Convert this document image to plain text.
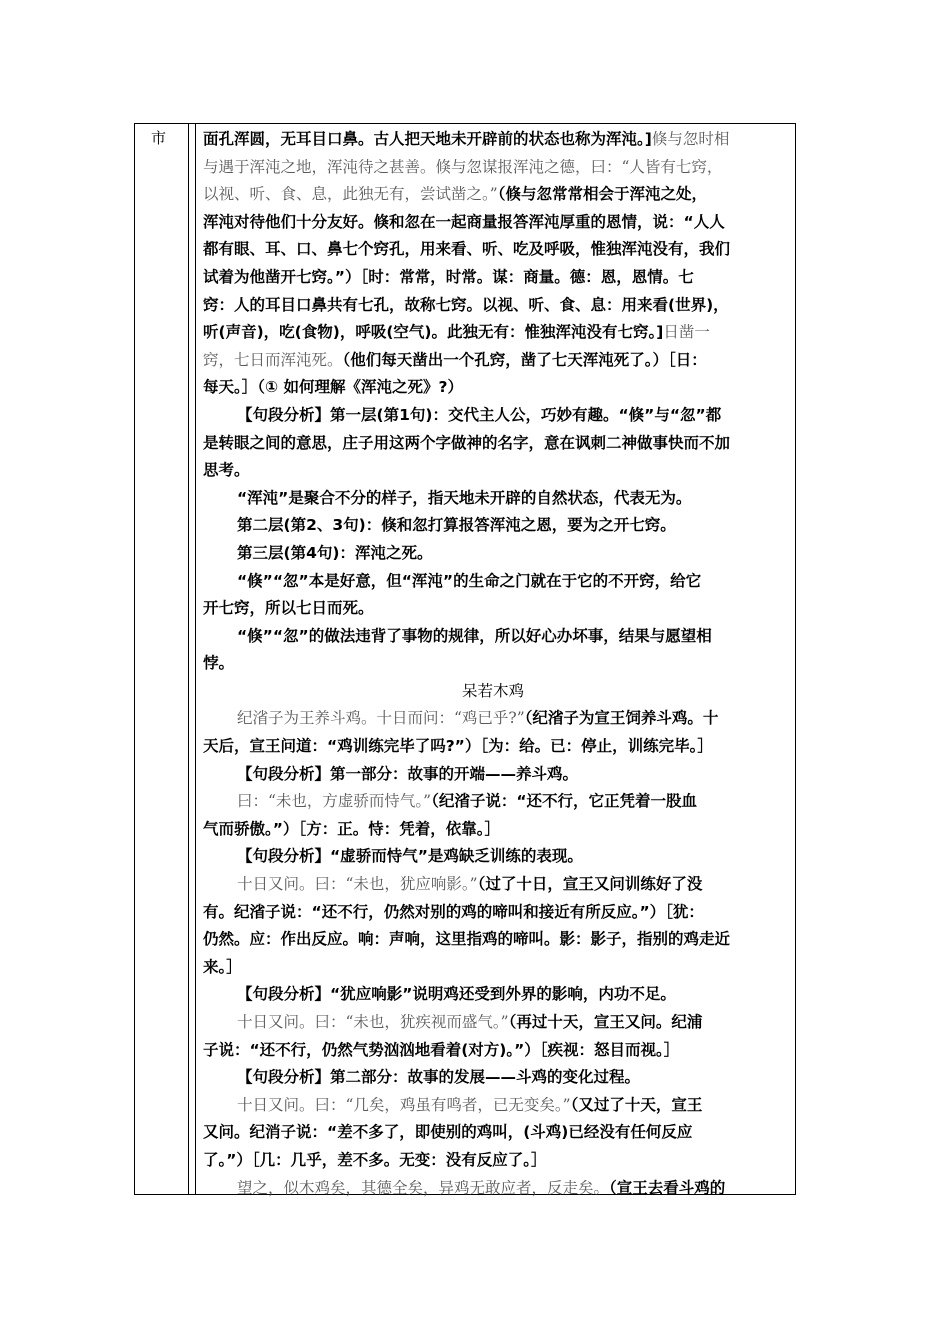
市 面孔浑圆，无耳目口鼻。古人把天地未开辟前的状态也称为浑沌。]倏与忽时相
与遇于浑沌之地，浑沌待之甚善。倏与忽谋报浑沌之德，曰：“人皆有七窍，
以视、听、食、息，此独无有，尝试凿之。”（倏与忽常常相会于浑沌之处，
浑沌对待他们十分友好。倏和忽在一起商量报答浑沌厚重的恩情，说：“人人
都有眼、耳、口、鼻七个窍孔，用来看、听、吃及呼吸，惟独浑沌没有，我们
试着为他凿开七窍。”）［时：常常，时常。谋：商量。德：恩，恩情。七
窍：人的耳目口鼻共有七孔，故称七窍。以视、听、食、息：用来看(世界)，
听(声音)，吃(食物)，呼吸(空气)。此独无有：惟独浑沌没有七窍。]日凿一
窍，七日而浑沌死。（他们每天凿出一个孔窍，凿了七天浑沌死了。）［日：
每天。］（① 如何理解《浑沌之死》?）
【句段分析】第一层(第1句)：交代主人公，巧妙有趣。“倏”与“忽”都
是转眼之间的意思，庄子用这两个字做神的名字，意在讽刺二神做事快而不加
思考。
“浑沌”是聚合不分的样子，指天地未开辟的自然状态，代表无为。
第二层(第2、3句)：倏和忽打算报答浑沌之恩，要为之开七窍。
第三层(第4句)：浑沌之死。
“倏”“忽”本是好意，但“浑沌”的生命之门就在于它的不开窍，给它
开七窍，所以七日而死。
“倏”“忽”的做法违背了事物的规律，所以好心办坏事，结果与愿望相
悖。
呆若木鸡
纪渻子为王养斗鸡。十日而问：“鸡已乎?”（纪渻子为宣王饲养斗鸡。十
天后，宣王问道：“鸡训练完毕了吗?”）［为：给。已：停止，训练完毕。］
【句段分析】第一部分：故事的开端——养斗鸡。
曰：“未也，方虚骄而恃气。”（纪渻子说：“还不行，它正凭着一股血
气而骄傲。”）［方：正。恃：凭着，依靠。］
【句段分析】“虚骄而恃气”是鸡缺乏训练的表现。
十日又问。曰：“未也，犹应响影。”（过了十日，宣王又问训练好了没
有。纪渻子说：“还不行，仍然对别的鸡的啼叫和接近有所反应。”）［犹：
仍然。应：作出反应。响：声响，这里指鸡的啼叫。影：影子，指别的鸡走近
来。］
【句段分析】“犹应响影”说明鸡还受到外界的影响，内功不足。
十日又问。曰：“未也，犹疾视而盛气。”（再过十天，宣王又问。纪浦
子说：“还不行，仍然气势汹汹地看着(对方)。”）［疾视：怒目而视。］
【句段分析】第二部分：故事的发展——斗鸡的变化过程。
十日又问。曰：“几矣，鸡虽有鸣者，已无变矣。”（又过了十天，宣王
又问。纪消子说：“差不多了，即使别的鸡叫，(斗鸡)已经没有任何反应
了。”）［几：几乎，差不多。无变：没有反应了。］
望之，似木鸡矣，其德全矣，异鸡无敢应者，反走矣。（宣王去看斗鸡的
